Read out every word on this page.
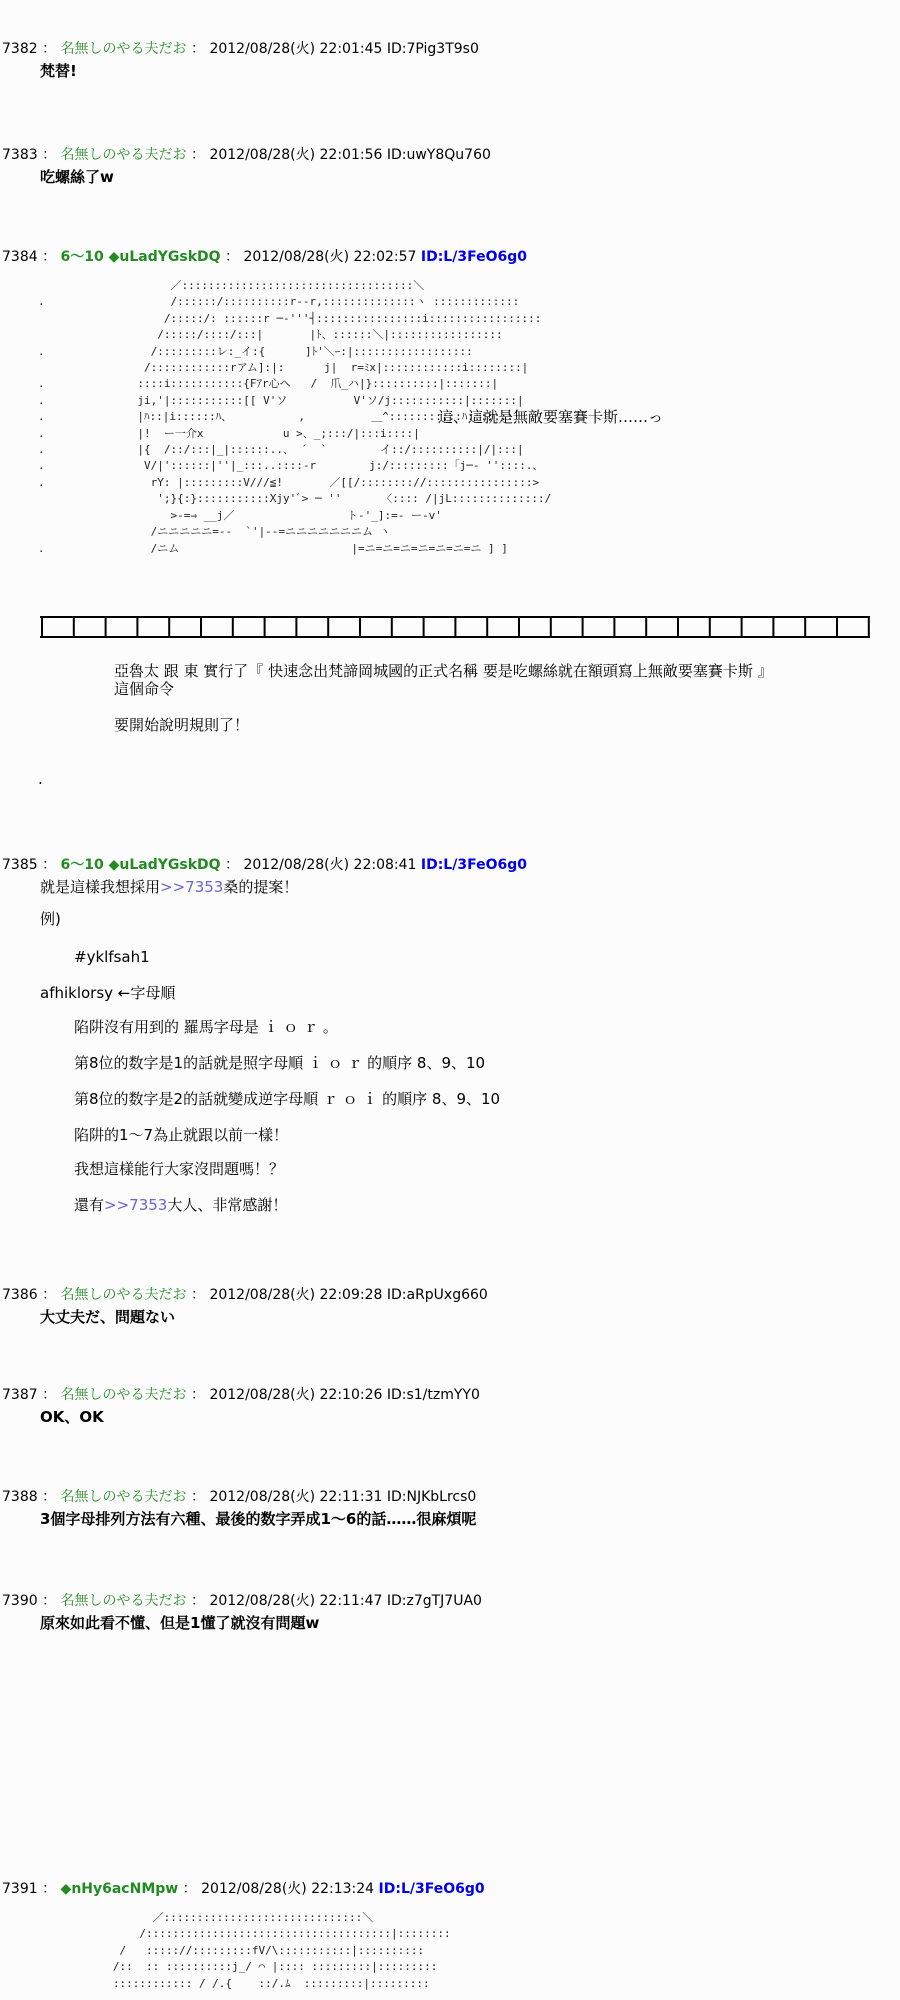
7382 ： 名無しのやる夫だお ： 2012/08/28(火) 22:01:45 ID:7Pig3T9s0
梵替!
7383 ： 名無しのやる夫だお ： 2012/08/28(火) 22:01:56 ID:uwY8Qu760
吃螺絲了w
7384 ： 6～10 ◆uLadYGskDQ ： 2012/08/28(火) 22:02:57 ID:L/3FeO6g0
／:::::::::::::::::::::::::::::::::::＼
.                   /::::::/::::::::::r--r,::::::::::::::ヽ :::::::::::::
/:::::/: ::::::r ─‐'''┤::::::::::::::::i:::::::::::::::::
/:::::/::::/:::|       |ﾄ、::::::＼|:::::::::::::::::
.                /:::::::::レ:_イ:{      ]ﾄ'＼ｰ:|::::::::::::::::::
/::::::::::::rアム]:|:      j|  r=ﾐx|::::::::::::i::::::::|
.              ::::i:::::::::::{Fｱr心ヘ   /  爪_ハ|}::::::::::|:::::::|
.              ji,'|:::::::::::[[ V'ソ          V'ソ/j:::::::::::|:::::::|
.              |ﾊ::|i::::::ﾊ、          ,          ＿^:::::::::::ﾊ:::::::
.              |!  ー一介x            u >、_;:::/|:::i::::|
.              |{  /::/:::|_|::::::..、 ´  `        イ::/::::::::::|/|:::|
.               V/|'::::::|''|_:::..::::-r        j:/:::::::::「j─- ''::::.、
.                rY: |:::::::::V///≦!       ／[[/:::::::://::::::::::::::::>
';}{:}:::::::::::Xjy'ﾞ> ─ ''      〈:::: /|jL::::::::::::::/
>-=⇒ __j／                 ト-'_]:=- ー-v'
/ニニニニニ=--  `'|--=ニニニニニニニム ヽ
.                /ニム                          |=ニ=ニ=ニ=ニ=ニ=ニ=ニ ] ]
這、這就是無敵要塞賽卡斯……っ
亞魯太 跟 東 實行了『 快速念出梵諦岡城國的正式名稱 要是吃螺絲就在額頭寫上無敵要塞賽卡斯 』
這個命令
要開始說明規則了！
.
7385 ： 6～10 ◆uLadYGskDQ ： 2012/08/28(火) 22:08:41 ID:L/3FeO6g0
就是這樣我想採用>>7353桑的提案！
例)
#yklfsah1
afhiklorsy ←字母順
陷阱沒有用到的 羅馬字母是 ｉ ｏ ｒ 。
第8位的数字是1的話就是照字母順 ｉ ｏ ｒ 的順序 8、9、10
第8位的数字是2的話就變成逆字母順 ｒ ｏ ｉ 的順序 8、9、10
陷阱的1～7為止就跟以前一樣！
我想這樣能行大家沒問題嗎！？
還有>>7353大人、非常感謝！
7386 ： 名無しのやる夫だお ： 2012/08/28(火) 22:09:28 ID:aRpUxg660
大丈夫だ、問題ない
7387 ： 名無しのやる夫だお ： 2012/08/28(火) 22:10:26 ID:s1/tzmYY0
OK、OK
7388 ： 名無しのやる夫だお ： 2012/08/28(火) 22:11:31 ID:NJKbLrcs0
3個字母排列方法有六種、最後的数字弄成1～6的話……很麻煩呢
7390 ： 名無しのやる夫だお ： 2012/08/28(火) 22:11:47 ID:z7gTJ7UA0
原來如此看不懂、但是1懂了就沒有問題w
7391 ： ◆nHy6acNMpw ： 2012/08/28(火) 22:13:24 ID:L/3FeO6g0
／::::::::::::::::::::::::::::::＼
/:::::::::::::::::::::::::::::::::::::|::::::::
/   ::::://:::::::::fV/\:::::::::::|::::::::::
/::  :: ::::::::::j_/ ⌒ |:::: :::::::::|:::::::::
:::::::::::: / /.{    ::/.ﾑ  :::::::::|:::::::::
